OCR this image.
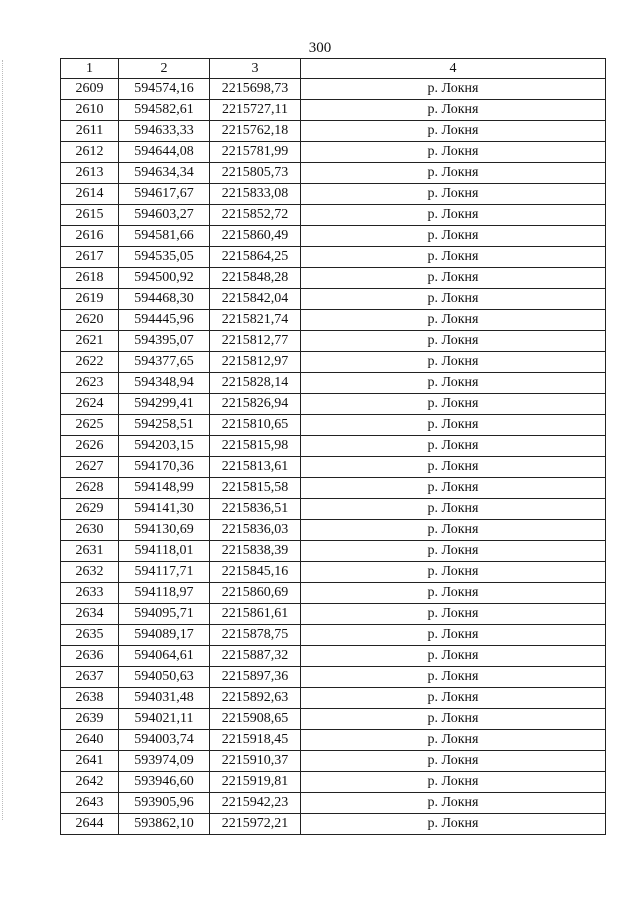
300
1	2	3	4
2609	594574,16	2215698,73	р. Локня
2610	594582,61	2215727,11	р. Локня
2611	594633,33	2215762,18	р. Локня
2612	594644,08	2215781,99	р. Локня
2613	594634,34	2215805,73	р. Локня
2614	594617,67	2215833,08	р. Локня
2615	594603,27	2215852,72	р. Локня
2616	594581,66	2215860,49	р. Локня
2617	594535,05	2215864,25	р. Локня
2618	594500,92	2215848,28	р. Локня
2619	594468,30	2215842,04	р. Локня
2620	594445,96	2215821,74	р. Локня
2621	594395,07	2215812,77	р. Локня
2622	594377,65	2215812,97	р. Локня
2623	594348,94	2215828,14	р. Локня
2624	594299,41	2215826,94	р. Локня
2625	594258,51	2215810,65	р. Локня
2626	594203,15	2215815,98	р. Локня
2627	594170,36	2215813,61	р. Локня
2628	594148,99	2215815,58	р. Локня
2629	594141,30	2215836,51	р. Локня
2630	594130,69	2215836,03	р. Локня
2631	594118,01	2215838,39	р. Локня
2632	594117,71	2215845,16	р. Локня
2633	594118,97	2215860,69	р. Локня
2634	594095,71	2215861,61	р. Локня
2635	594089,17	2215878,75	р. Локня
2636	594064,61	2215887,32	р. Локня
2637	594050,63	2215897,36	р. Локня
2638	594031,48	2215892,63	р. Локня
2639	594021,11	2215908,65	р. Локня
2640	594003,74	2215918,45	р. Локня
2641	593974,09	2215910,37	р. Локня
2642	593946,60	2215919,81	р. Локня
2643	593905,96	2215942,23	р. Локня
2644	593862,10	2215972,21	р. Локня
